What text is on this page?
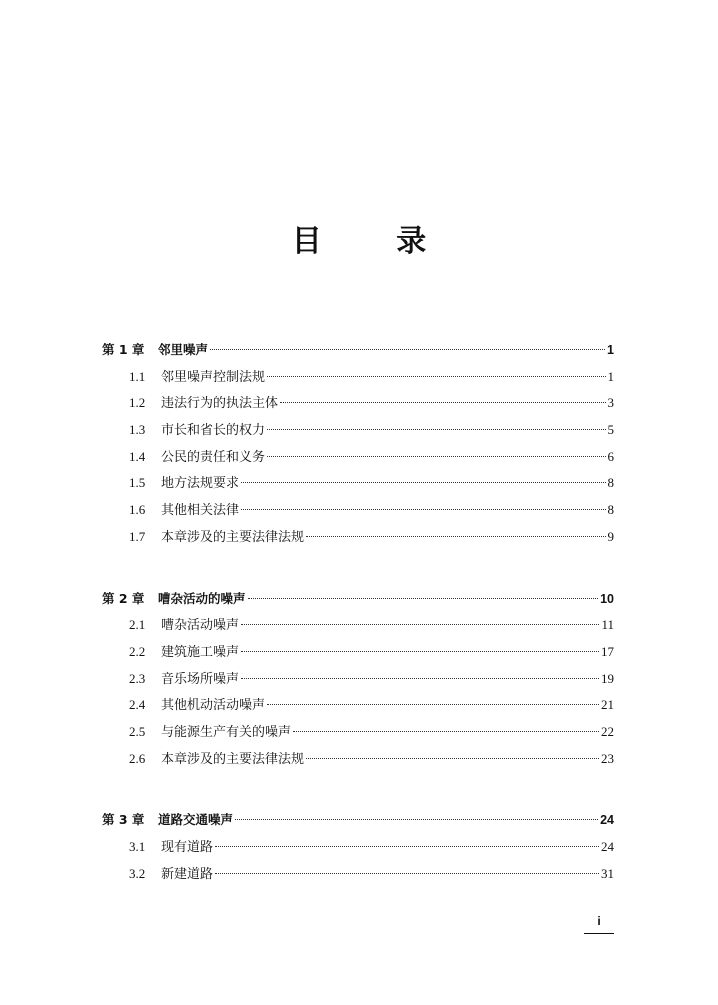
目 录
第 1 章	邻里噪声	1
1.1	邻里噪声控制法规	1
1.2	违法行为的执法主体	3
1.3	市长和省长的权力	5
1.4	公民的责任和义务	6
1.5	地方法规要求	8
1.6	其他相关法律	8
1.7	本章涉及的主要法律法规	9
第 2 章	嘈杂活动的噪声	10
2.1	嘈杂活动噪声	11
2.2	建筑施工噪声	17
2.3	音乐场所噪声	19
2.4	其他机动活动噪声	21
2.5	与能源生产有关的噪声	22
2.6	本章涉及的主要法律法规	23
第 3 章	道路交通噪声	24
3.1	现有道路	24
3.2	新建道路	31
i
